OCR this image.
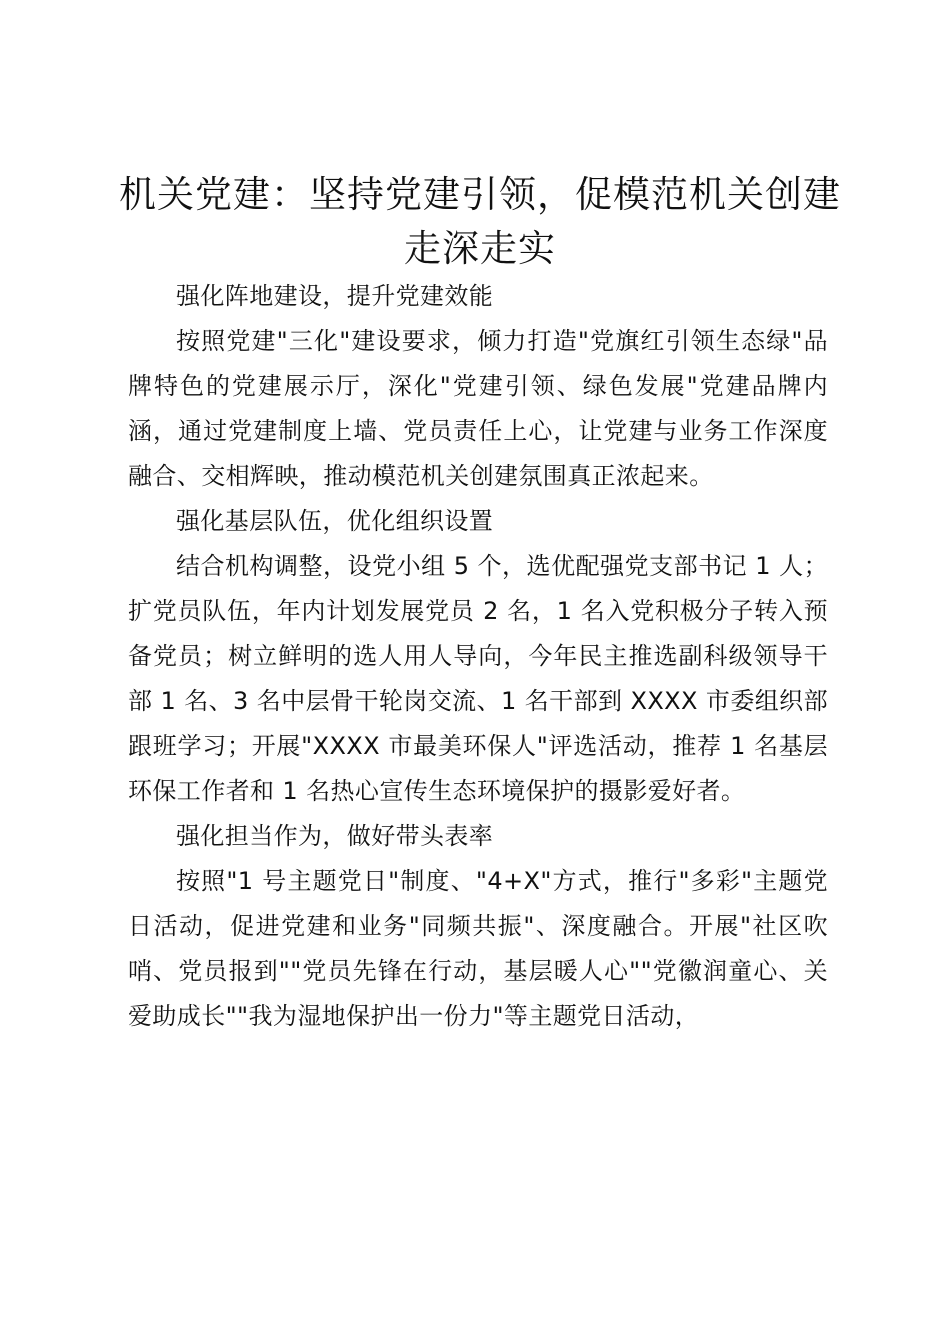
机关党建：坚持党建引领，促模范机关创建走深走实

强化阵地建设，提升党建效能

按照党建"三化"建设要求，倾力打造"党旗红引领生态绿"品牌特色的党建展示厅，深化"党建引领、绿色发展"党建品牌内涵，通过党建制度上墙、党员责任上心，让党建与业务工作深度融合、交相辉映，推动模范机关创建氛围真正浓起来。

强化基层队伍，优化组织设置

结合机构调整，设党小组 5 个，选优配强党支部书记 1 人；扩党员队伍，年内计划发展党员 2 名，1 名入党积极分子转入预备党员；树立鲜明的选人用人导向，今年民主推选副科级领导干部 1 名、3 名中层骨干轮岗交流、1 名干部到 XXXX 市委组织部跟班学习；开展"XXXX 市最美环保人"评选活动，推荐 1 名基层环保工作者和 1 名热心宣传生态环境保护的摄影爱好者。

强化担当作为，做好带头表率

按照"1 号主题党日"制度、"4+X"方式，推行"多彩"主题党日活动，促进党建和业务"同频共振"、深度融合。开展"社区吹哨、党员报到""党员先锋在行动，基层暖人心""党徽润童心、关爱助成长""我为湿地保护出一份力"等主题党日活动，
